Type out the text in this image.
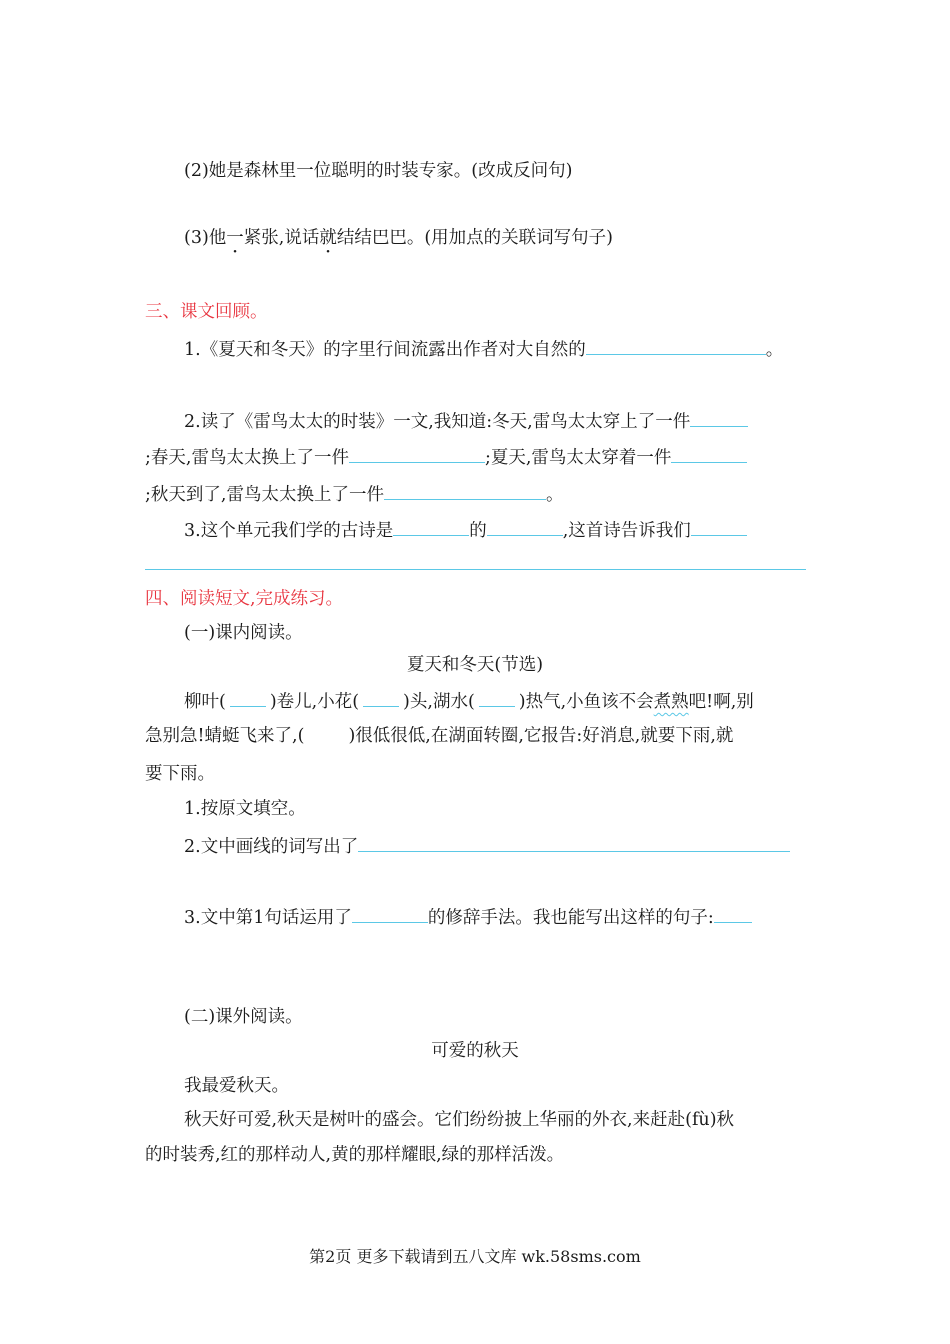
(2)她是森林里一位聪明的时装专家。(改成反问句)
(3)他一紧张,说话就结结巴巴。(用加点的关联词写句子)
三、课文回顾。
1.《夏天和冬天》的字里行间流露出作者对大自然的	。
2.读了《雷鸟太太的时装》一文,我知道:冬天,雷鸟太太穿上了一件
;春天,雷鸟太太换上了一件	;夏天,雷鸟太太穿着一件
;秋天到了,雷鸟太太换上了一件	。
3.这个单元我们学的古诗是	的	,这首诗告诉我们
四、阅读短文,完成练习。
(一)课内阅读。
夏天和冬天(节选)
柳叶(	)卷儿,小花(	)头,湖水(	)热气,小鱼该不会煮熟吧!啊,别
急别急!蜻蜓飞来了,(	)很低很低,在湖面转圈,它报告:好消息,就要下雨,就
要下雨。
1.按原文填空。
2.文中画线的词写出了
3.文中第1句话运用了	的修辞手法。我也能写出这样的句子:
(二)课外阅读。
可爱的秋天
我最爱秋天。
秋天好可爱,秋天是树叶的盛会。它们纷纷披上华丽的外衣,来赶赴(fù)秋
的时装秀,红的那样动人,黄的那样耀眼,绿的那样活泼。
第2页 更多下载请到五八文库 wk.58sms.com
